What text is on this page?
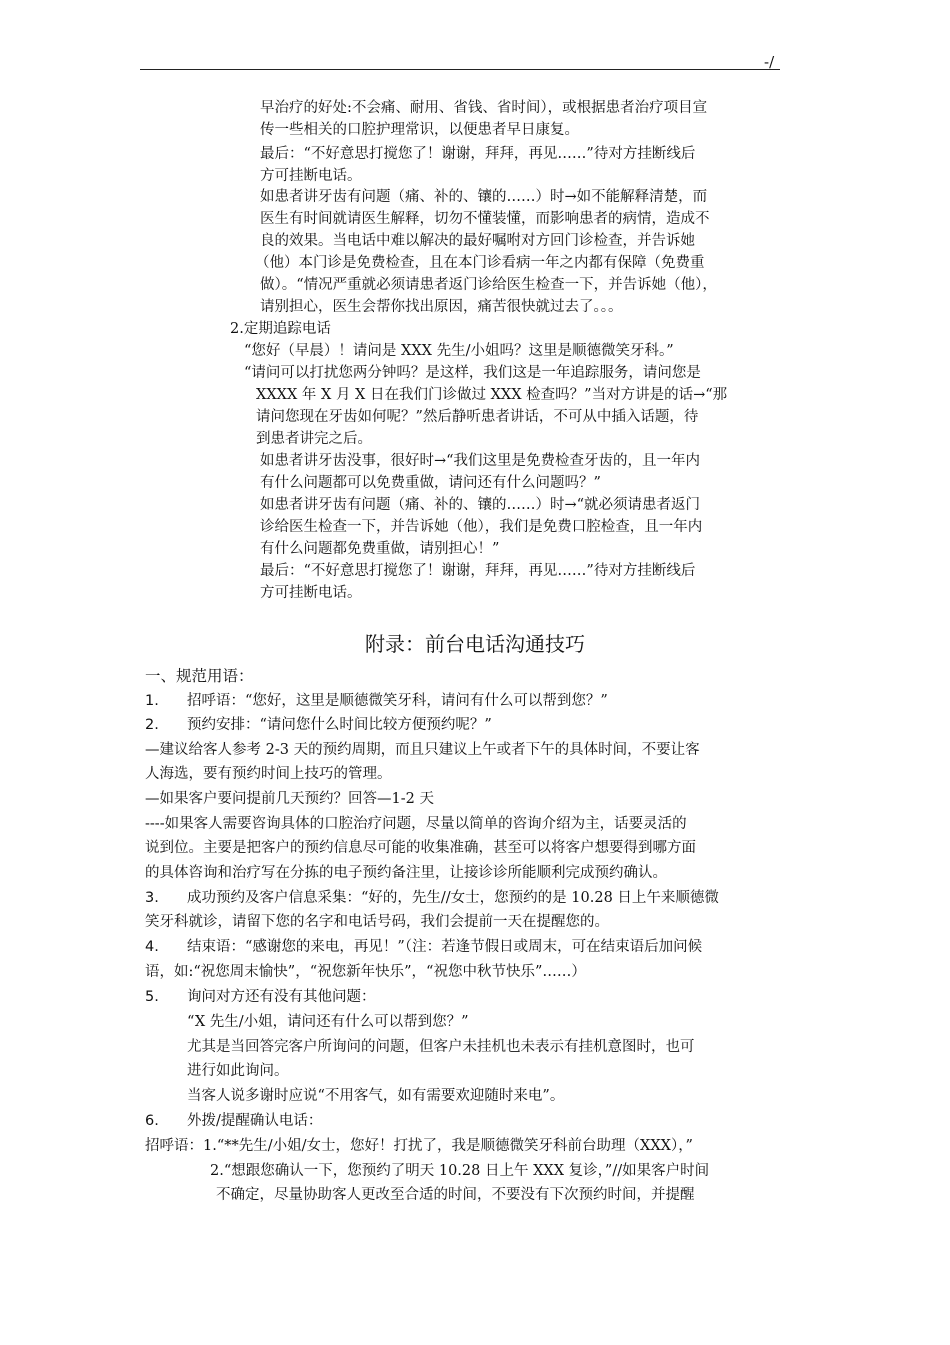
-/
早治疗的好处:不会痛、耐用、省钱、省时间），或根据患者治疗项目宣
传一些相关的口腔护理常识，以便患者早日康复。
最后：“不好意思打搅您了！谢谢，拜拜，再见……”待对方挂断线后
方可挂断电话。
如患者讲牙齿有问题（痛、补的、镶的……）时→如不能解释清楚，而
医生有时间就请医生解释，切勿不懂装懂，而影响患者的病情，造成不
良的效果。当电话中难以解决的最好嘱咐对方回门诊检查，并告诉她
（他）本门诊是免费检查，且在本门诊看病一年之内都有保障（免费重
做）。“情况严重就必须请患者返门诊给医生检查一下，并告诉她（他），
请别担心，医生会帮你找出原因，痛苦很快就过去了。。。
2.定期追踪电话
“您好（早晨）！请问是 XXX 先生/小姐吗？这里是顺德微笑牙科。”
“请问可以打扰您两分钟吗？是这样，我们这是一年追踪服务，请问您是
XXXX 年 X 月 X 日在我们门诊做过 XXX 检查吗？”当对方讲是的话→“那
请问您现在牙齿如何呢？”然后静听患者讲话，不可从中插入话题，待
到患者讲完之后。
如患者讲牙齿没事，很好时→“我们这里是免费检查牙齿的，且一年内
有什么问题都可以免费重做，请问还有什么问题吗？”
如患者讲牙齿有问题（痛、补的、镶的……）时→“就必须请患者返门
诊给医生检查一下，并告诉她（他），我们是免费口腔检查，且一年内
有什么问题都免费重做，请别担心！”
最后：“不好意思打搅您了！谢谢，拜拜，再见……”待对方挂断线后
方可挂断电话。
附录：前台电话沟通技巧
一、规范用语：
1. 招呼语：“您好，这里是顺德微笑牙科，请问有什么可以帮到您？”
2. 预约安排：“请问您什么时间比较方便预约呢？”
—建议给客人参考 2-3 天的预约周期，而且只建议上午或者下午的具体时间，不要让客
人海选，要有预约时间上技巧的管理。
—如果客户要问提前几天预约？回答—1-2 天
----如果客人需要咨询具体的口腔治疗问题，尽量以简单的咨询介绍为主，话要灵活的
说到位。主要是把客户的预约信息尽可能的收集准确，甚至可以将客户想要得到哪方面
的具体咨询和治疗写在分拣的电子预约备注里，让接诊诊所能顺利完成预约确认。
3. 成功预约及客户信息采集：“好的，先生//女士，您预约的是 10.28 日上午来顺德微
笑牙科就诊，请留下您的名字和电话号码，我们会提前一天在提醒您的。
4. 结束语：“感谢您的来电，再见！”（注：若逢节假日或周末，可在结束语后加问候
语，如:“祝您周末愉快”，“祝您新年快乐”，“祝您中秋节快乐”……）
5. 询问对方还有没有其他问题：
“X 先生/小姐，请问还有什么可以帮到您？”
尤其是当回答完客户所询问的问题，但客户未挂机也未表示有挂机意图时，也可
进行如此询问。
当客人说多谢时应说“不用客气，如有需要欢迎随时来电”。
6. 外拨/提醒确认电话：
招呼语：1.“**先生/小姐/女士，您好！打扰了，我是顺德微笑牙科前台助理（XXX），”
2.“想跟您确认一下，您预约了明天 10.28 日上午 XXX 复诊，”//如果客户时间
不确定，尽量协助客人更改至合适的时间，不要没有下次预约时间，并提醒
